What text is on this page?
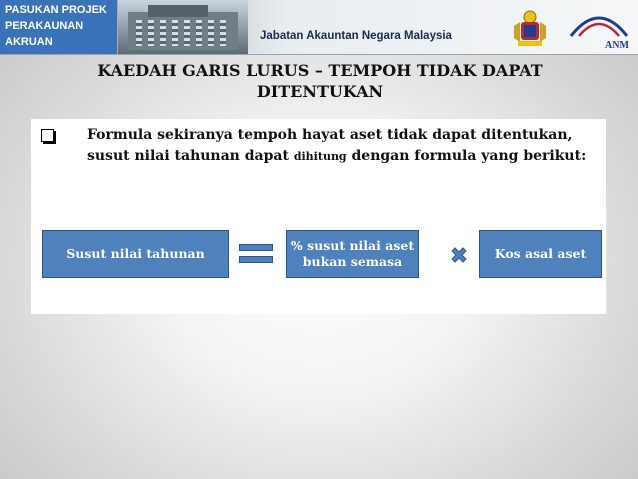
PASUKAN PROJEK
PERAKAUNAN
AKRUAN	Jabatan Akauntan Negara Malaysia
ANM
KAEDAH GARIS LURUS – TEMPOH TIDAK DAPAT
DITENTUKAN
Formula sekiranya tempoh hayat aset tidak dapat ditentukan, susut nilai tahunan dapat dihitung dengan formula yang berikut:
Susut nilai tahunan
% susut nilai aset
bukan semasa
Kos asal aset
